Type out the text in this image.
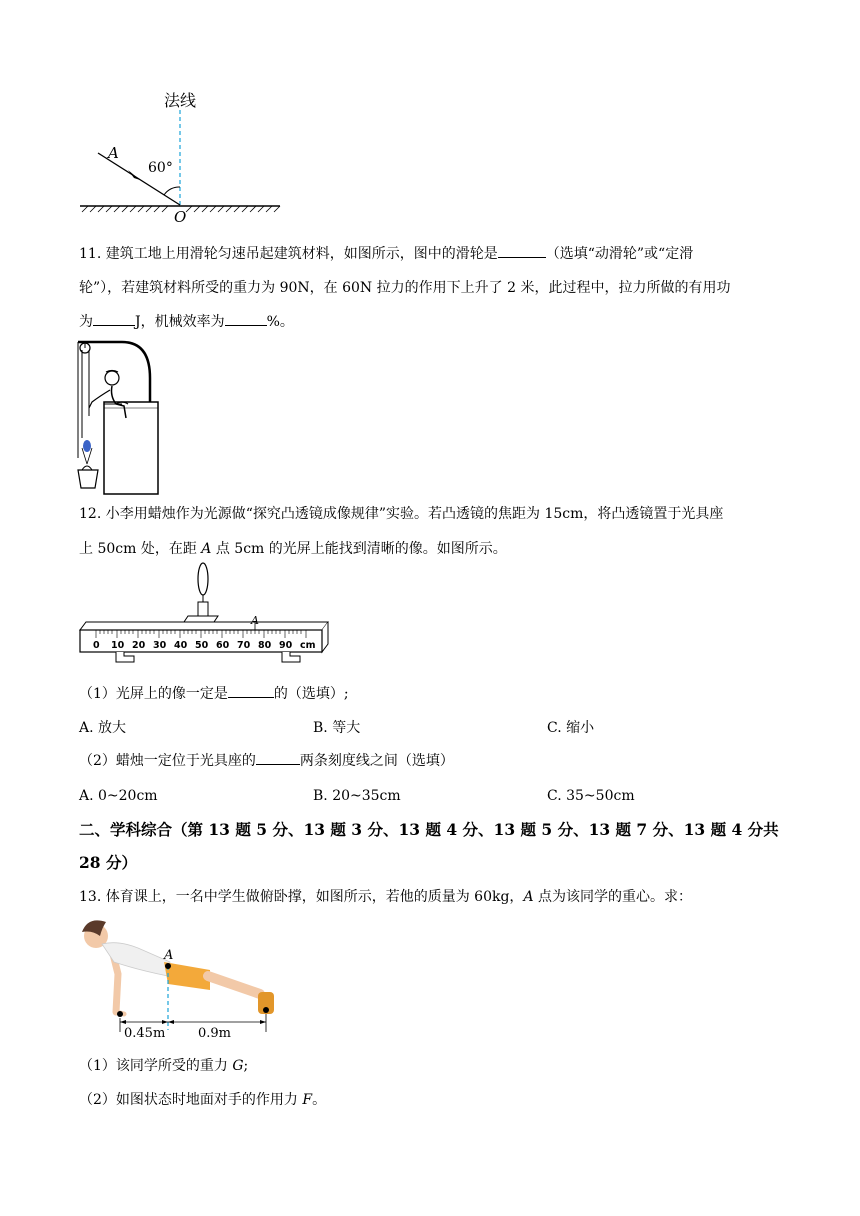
法线
A
60°
O
11. 建筑工地上用滑轮匀速吊起建筑材料，如图所示，图中的滑轮是	（选填“动滑轮”或“定滑
轮”），若建筑材料所受的重力为 90N，在 60N 拉力的作用下上升了 2 米，此过程中，拉力所做的有用功
为	J，机械效率为	%。
12. 小李用蜡烛作为光源做“探究凸透镜成像规律”实验。若凸透镜的焦距为 15cm，将凸透镜置于光具座
上 50cm 处，在距 A 点 5cm 的光屏上能找到清晰的像。如图所示。
A
0 10 20 30 40 50 60 70 80 90 cm
（1）光屏上的像一定是	的（选填）;
A. 放大	B. 等大	C. 缩小
（2）蜡烛一定位于光具座的	两条刻度线之间（选填）
A. 0~20cm	B. 20~35cm	C. 35~50cm
二、学科综合（第 13 题 5 分、13 题 3 分、13 题 4 分、13 题 5 分、13 题 7 分、13 题 4 分共
28 分）
13. 体育课上，一名中学生做俯卧撑，如图所示，若他的质量为 60kg，A 点为该同学的重心。求：
A
0.45m	0.9m
（1）该同学所受的重力 G;
（2）如图状态时地面对手的作用力 F。
